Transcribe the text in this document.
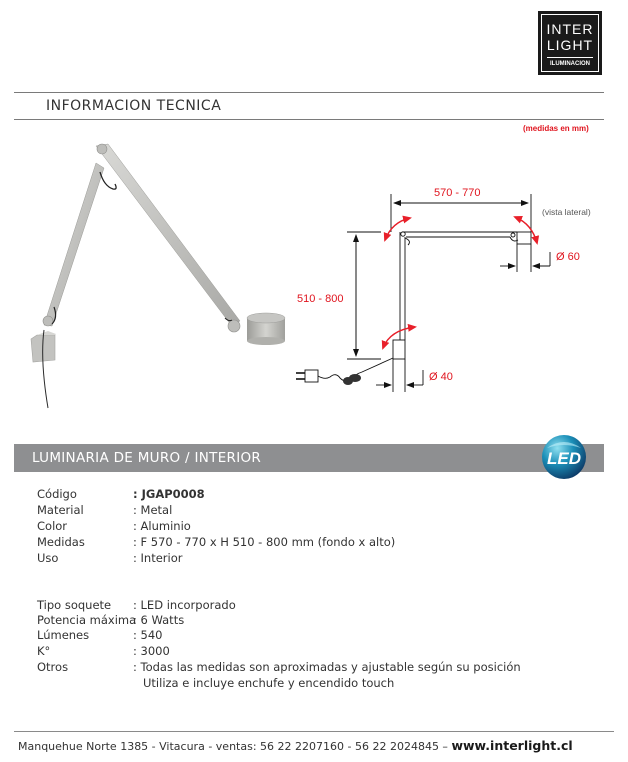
INTER
LIGHT
ILUMINACION
INFORMACION TECNICA
(medidas en mm)
570 - 770
510 - 800
Ø 60
Ø 40
(vista lateral)
LUMINARIA DE MURO / INTERIOR	LED
Código	: JGAP0008
Material	: Metal
Color	: Aluminio
Medidas	: F 570 - 770 x H 510 - 800 mm (fondo x alto)
Uso	: Interior
Tipo soquete : LED incorporado
Potencia máxima: 6 Watts
Lúmenes	: 540
K°	: 3000
Otros	: Todas las medidas son aproximadas y ajustable según su posición
Utiliza e incluye enchufe y encendido touch
Manquehue Norte 1385 - Vitacura - ventas: 56 22 2207160 - 56 22 2024845 – www.interlight.cl
